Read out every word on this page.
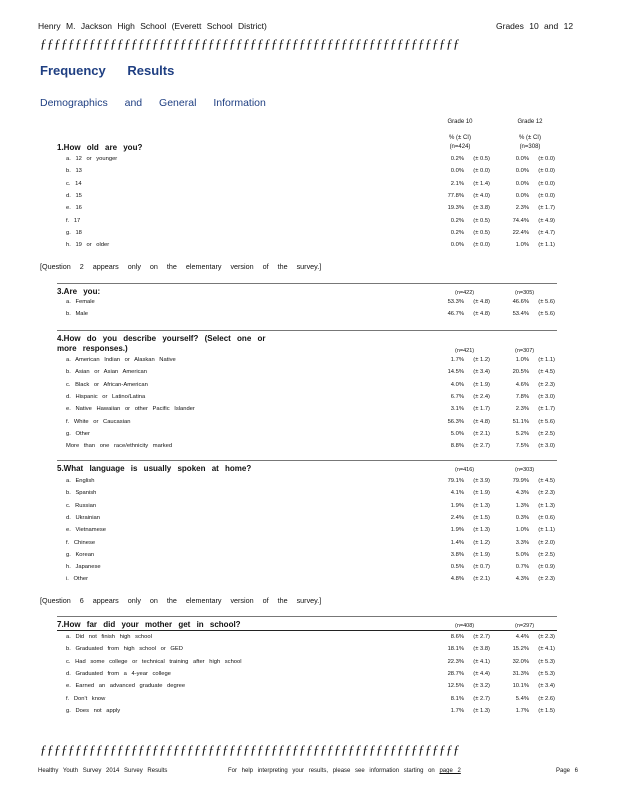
Henry M. Jackson High School (Everett School District)	Grades 10 and 12
ƒƒƒƒƒƒƒƒƒƒƒƒƒƒƒƒƒƒƒƒƒƒƒƒƒƒƒƒƒƒƒƒƒƒƒƒƒƒƒƒƒƒƒƒƒƒƒƒƒƒƒƒƒƒƒƒƒƒƒƒ
Frequency Results
Demographics and General Information
Grade 10
% (± CI)
(n=424)
Grade 12
% (± CI)
(n=308)
1.How old are you?
a. 12 or younger	0.2%	(± 0.5)	0.0%	(± 0.0)
b. 13	0.0%	(± 0.0)	0.0%	(± 0.0)
c. 14	2.1%	(± 1.4)	0.0%	(± 0.0)
d. 15	77.8%	(± 4.0)	0.0%	(± 0.0)
e. 16	19.3%	(± 3.8)	2.3%	(± 1.7)
f. 17	0.2%	(± 0.5)	74.4%	(± 4.9)
g. 18	0.2%	(± 0.5)	22.4%	(± 4.7)
h. 19 or older	0.0%	(± 0.0)	1.0%	(± 1.1)
[Question 2 appears only on the elementary version of the survey.]
3.Are you:	(n=422)	(n=305)
a. Female	53.3%	(± 4.8)	46.6%	(± 5.6)
b. Male	46.7%	(± 4.8)	53.4%	(± 5.6)
4.How do you describe yourself? (Select one or
more responses.)	(n=421)	(n=307)
a. American Indian or Alaskan Native	1.7%	(± 1.2)	1.0%	(± 1.1)
b. Asian or Asian American	14.5%	(± 3.4)	20.5%	(± 4.5)
c. Black or African-American	4.0%	(± 1.9)	4.6%	(± 2.3)
d. Hispanic or Latino/Latina	6.7%	(± 2.4)	7.8%	(± 3.0)
e. Native Hawaiian or other Pacific Islander	3.1%	(± 1.7)	2.3%	(± 1.7)
f. White or Caucasian	56.3%	(± 4.8)	51.1%	(± 5.6)
g. Other	5.0%	(± 2.1)	5.2%	(± 2.5)
More than one race/ethnicity marked	8.8%	(± 2.7)	7.5%	(± 3.0)
5.What language is usually spoken at home?	(n=416)	(n=303)
a. English	79.1%	(± 3.9)	79.9%	(± 4.5)
b. Spanish	4.1%	(± 1.9)	4.3%	(± 2.3)
c. Russian	1.9%	(± 1.3)	1.3%	(± 1.3)
d. Ukrainian	2.4%	(± 1.5)	0.3%	(± 0.6)
e. Vietnamese	1.9%	(± 1.3)	1.0%	(± 1.1)
f. Chinese	1.4%	(± 1.2)	3.3%	(± 2.0)
g. Korean	3.8%	(± 1.9)	5.0%	(± 2.5)
h. Japanese	0.5%	(± 0.7)	0.7%	(± 0.9)
i. Other	4.8%	(± 2.1)	4.3%	(± 2.3)
[Question 6 appears only on the elementary version of the survey.]
7.How far did your mother get in school?	(n=408)	(n=297)
a. Did not finish high school	8.6%	(± 2.7)	4.4%	(± 2.3)
b. Graduated from high school or GED	18.1%	(± 3.8)	15.2%	(± 4.1)
c. Had some college or technical training after high school	22.3%	(± 4.1)	32.0%	(± 5.3)
d. Graduated from a 4-year college	28.7%	(± 4.4)	31.3%	(± 5.3)
e. Earned an advanced graduate degree	12.5%	(± 3.2)	10.1%	(± 3.4)
f. Don't know	8.1%	(± 2.7)	5.4%	(± 2.6)
g. Does not apply	1.7%	(± 1.3)	1.7%	(± 1.5)
ƒƒƒƒƒƒƒƒƒƒƒƒƒƒƒƒƒƒƒƒƒƒƒƒƒƒƒƒƒƒƒƒƒƒƒƒƒƒƒƒƒƒƒƒƒƒƒƒƒƒƒƒƒƒƒƒƒƒƒƒ
Healthy Youth Survey 2014 Survey Results	For help interpreting your results, please see information starting on page 2	Page 6
